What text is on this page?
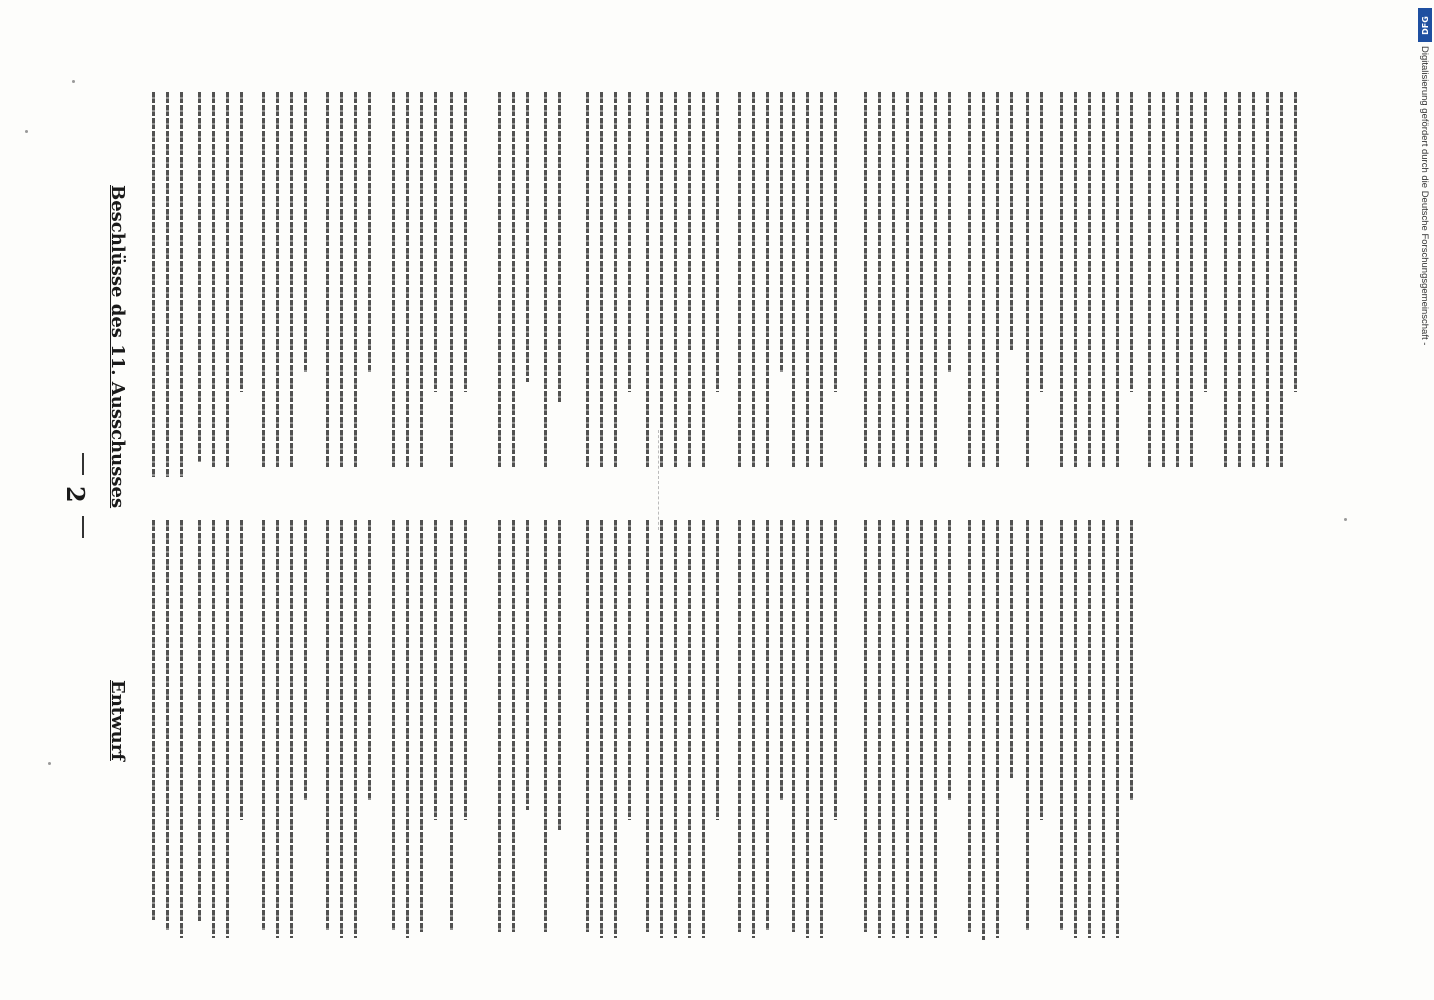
2
Entwurf
Beschlüsse des 11. Ausschusses
DFG
Digitalisierung gefördert durch die Deutsche Forschungsgemeinschaft -
